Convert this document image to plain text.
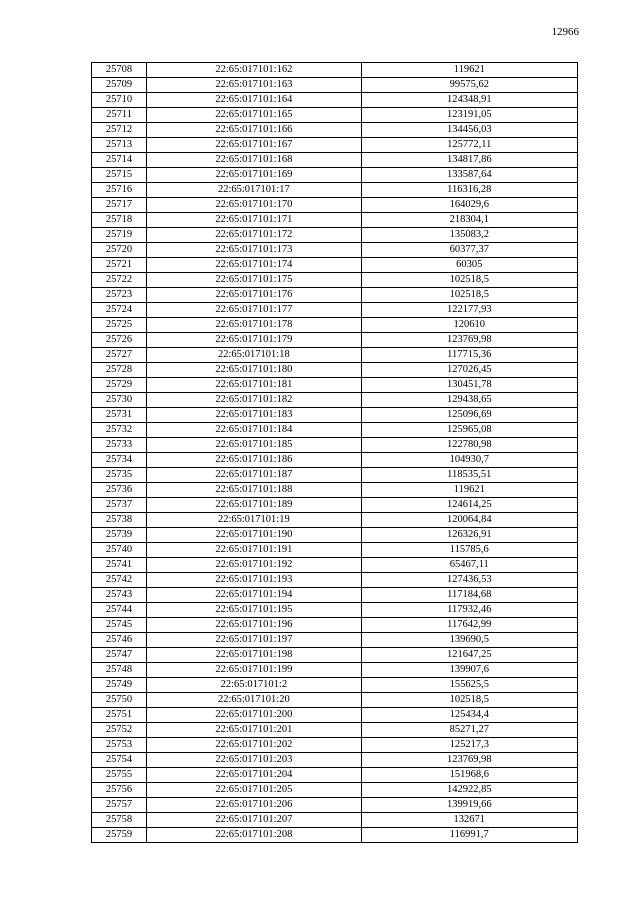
12966
25708	22:65:017101:162	119621
25709	22:65:017101:163	99575,62
25710	22:65:017101:164	124348,91
25711	22:65:017101:165	123191,05
25712	22:65:017101:166	134456,03
25713	22:65:017101:167	125772,11
25714	22:65:017101:168	134817,86
25715	22:65:017101:169	133587,64
25716	22:65:017101:17	116316,28
25717	22:65:017101:170	164029,6
25718	22:65:017101:171	218304,1
25719	22:65:017101:172	135083,2
25720	22:65:017101:173	60377,37
25721	22:65:017101:174	60305
25722	22:65:017101:175	102518,5
25723	22:65:017101:176	102518,5
25724	22:65:017101:177	122177,93
25725	22:65:017101:178	120610
25726	22:65:017101:179	123769,98
25727	22:65:017101:18	117715,36
25728	22:65:017101:180	127026,45
25729	22:65:017101:181	130451,78
25730	22:65:017101:182	129438,65
25731	22:65:017101:183	125096,69
25732	22:65:017101:184	125965,08
25733	22:65:017101:185	122780,98
25734	22:65:017101:186	104930,7
25735	22:65:017101:187	118535,51
25736	22:65:017101:188	119621
25737	22:65:017101:189	124614,25
25738	22:65:017101:19	120064,84
25739	22:65:017101:190	126326,91
25740	22:65:017101:191	115785,6
25741	22:65:017101:192	65467,11
25742	22:65:017101:193	127436,53
25743	22:65:017101:194	117184,68
25744	22:65:017101:195	117932,46
25745	22:65:017101:196	117642,99
25746	22:65:017101:197	139690,5
25747	22:65:017101:198	121647,25
25748	22:65:017101:199	139907,6
25749	22:65:017101:2	155625,5
25750	22:65:017101:20	102518,5
25751	22:65:017101:200	125434,4
25752	22:65:017101:201	85271,27
25753	22:65:017101:202	125217,3
25754	22:65:017101:203	123769,98
25755	22:65:017101:204	151968,6
25756	22:65:017101:205	142922,85
25757	22:65:017101:206	139919,66
25758	22:65:017101:207	132671
25759	22:65:017101:208	116991,7
